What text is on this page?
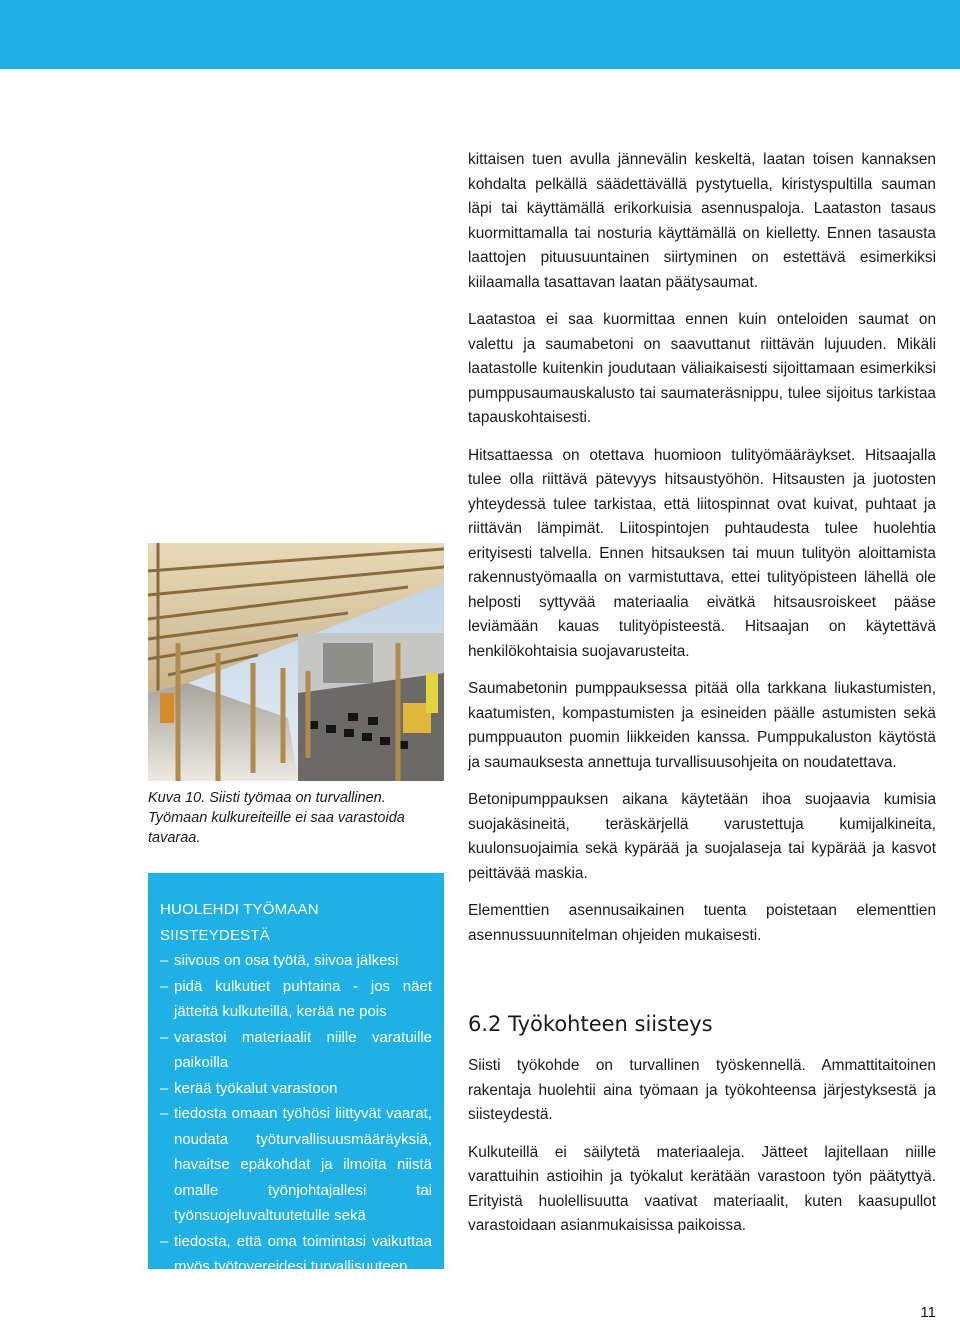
kittaisen tuen avulla jännevälin keskeltä, laatan toisen kannaksen kohdalta pelkällä säädettävällä pystytuella, kiristyspultilla sauman läpi tai käyttämällä erikorkuisia asennuspaloja. Laataston tasaus kuormittamalla tai nosturia käyttämällä on kielletty. Ennen tasausta laattojen pituusuuntainen siirtyminen on estettävä esimerkiksi kiilaamalla tasattavan laatan päätysaumat.

Laatastoa ei saa kuormittaa ennen kuin onteloiden saumat on valettu ja saumabetoni on saavuttanut riittävän lujuuden. Mikäli laatastolle kuitenkin joudutaan väliaikaisesti sijoittamaan esimerkiksi pumppusaumauskalusto tai saumateräsnippu, tulee sijoitus tarkistaa tapauskohtaisesti.

Hitsattaessa on otettava huomioon tulityömääräykset. Hitsaajalla tulee olla riittävä pätevyys hitsaustyöhön. Hitsausten ja juotosten yhteydessä tulee tarkistaa, että liitospinnat ovat kuivat, puhtaat ja riittävän lämpimät. Liitospintojen puhtaudesta tulee huolehtia erityisesti talvella. Ennen hitsauksen tai muun tulityön aloittamista rakennustyömaalla on varmistuttava, ettei tulityöpisteen lähellä ole helposti syttyvää materiaalia eivätkä hitsausroiskeet pääse leviämään kauas tulityöpisteestä. Hitsaajan on käytettävä henkilökohtaisia suojavarusteita.

Saumabetonin pumppauksessa pitää olla tarkkana liukastumisten, kaatumisten, kompastumisten ja esineiden päälle astumisten sekä pumppuauton puomin liikkeiden kanssa. Pumppukaluston käytöstä ja saumauksesta annettuja turvallisuusohjeita on noudatettava.

Betonipumppauksen aikana käytetään ihoa suojaavia kumisia suojakäsineitä, teräskärjellä varustettuja kumijalkineita, kuulonsuojaimia sekä kypärää ja suojalaseja tai kypärää ja kasvot peittävää maskia.

Elementtien asennusaikainen tuenta poistetaan elementtien asennussuunnitelman ohjeiden mukaisesti.

6.2 Työkohteen siisteys

Siisti työkohde on turvallinen työskennellä. Ammattitaitoinen rakentaja huolehtii aina työmaan ja työkohteensa järjestyksestä ja siisteydestä.

Kulkuteillä ei säilytetä materiaaleja. Jätteet lajitellaan niille varattuihin astioihin ja työkalut kerätään varastoon työn päätyttyä. Erityistä huolellisuutta vaativat materiaalit, kuten kaasupullot varastoidaan asianmukaisissa paikoissa.

Kuva 10. Siisti työmaa on turvallinen. Työmaan kulkureiteille ei saa varastoida tavaraa.

HUOLEHDI TYÖMAAN SIISTEYDESTÄ
– siivous on osa työtä, siivoa jälkesi
– pidä kulkutiet puhtaina - jos näet jätteitä kulkuteillä, kerää ne pois
– varastoi materiaalit niille varatuille paikoilla
– kerää työkalut varastoon
– tiedosta omaan työhösi liittyvät vaarat, noudata työturvallisuusmääräyksiä, havaitse epäkohdat ja ilmoita niistä omalle työnjohtajallesi tai työnsuojeluvaltuutetulle sekä
– tiedosta, että oma toimintasi vaikuttaa myös työtovereidesi turvallisuuteen.
11
